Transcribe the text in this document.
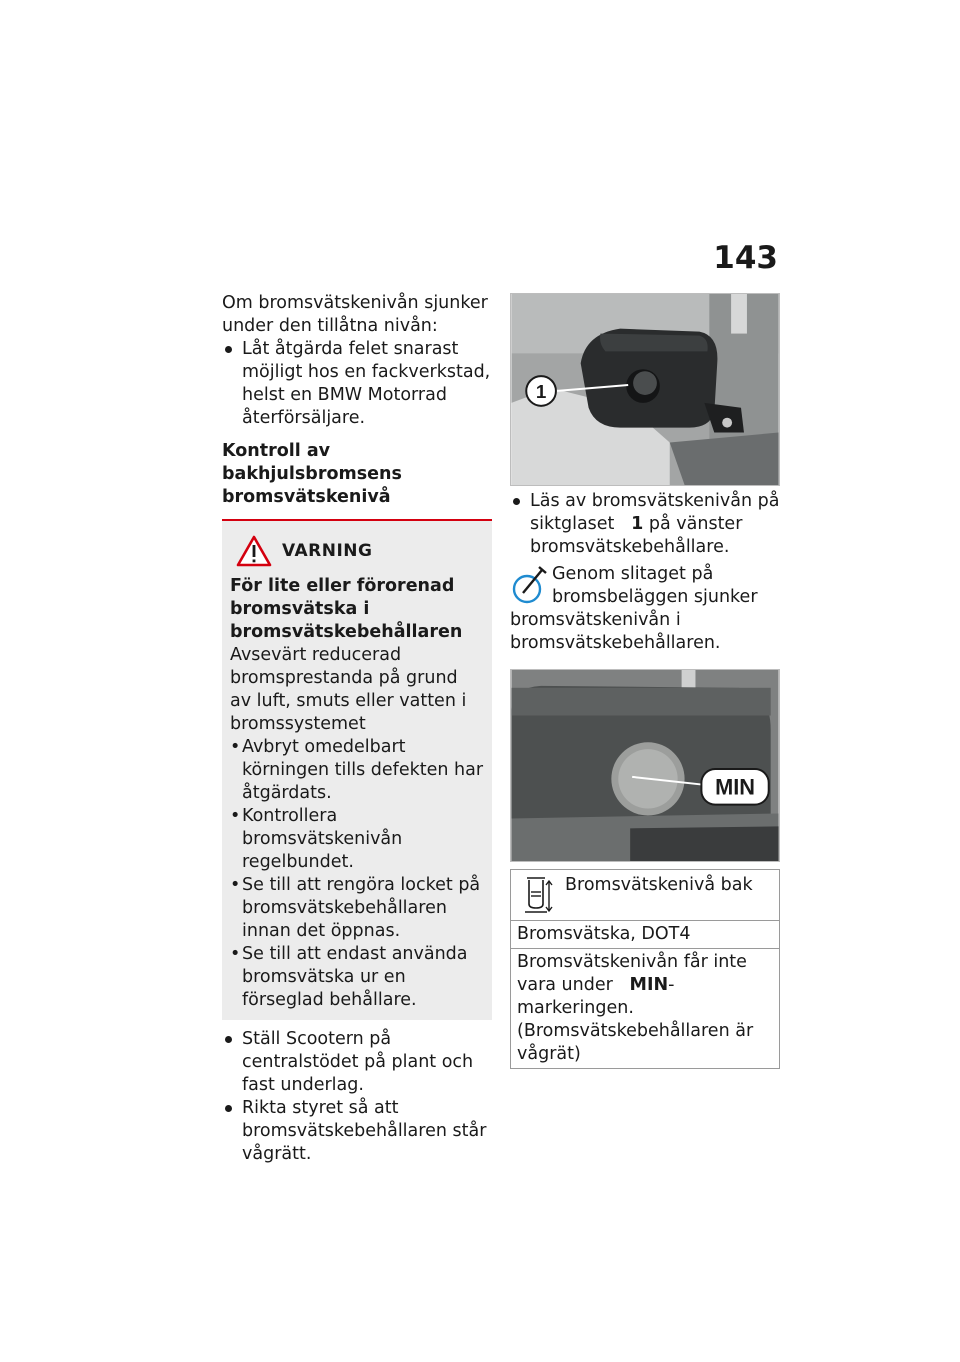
143

Om bromsvätskenivån sjunker under den tillåtna nivån:

Låt åtgärda felet snarast möjligt hos en fackverkstad, helst en BMW Motorrad återförsäljare.

Kontroll av bakhjulsbromsens bromsvätskenivå

VARNING

För lite eller förorenad bromsvätska i bromsvätskebehållaren

Avsevärt reducerad bromsprestanda på grund av luft, smuts eller vatten i bromssystemet

• Avbryt omedelbart körningen tills defekten har åtgärdats.
• Kontrollera bromsvätskenivån regelbundet.
• Se till att rengöra locket på bromsvätskebehållaren innan det öppnas.
• Se till att endast använda bromsvätska ur en förseglad behållare.
Ställ Scootern på centralstödet på plant och fast underlag.
Rikta styret så att bromsvätskebehållaren står vågrätt.
1
Läs av bromsvätskenivån på siktglaset 1 på vänster bromsvätskebehållare.

Genom slitaget på bromsbeläggen sjunker bromsvätskenivån i bromsvätskebehållaren.

MIN
Bromsvätskenivå bak
Bromsvätska, DOT4
Bromsvätskenivån får inte vara under MIN-markeringen.
(Bromsvätskebehållaren är vågrät)
